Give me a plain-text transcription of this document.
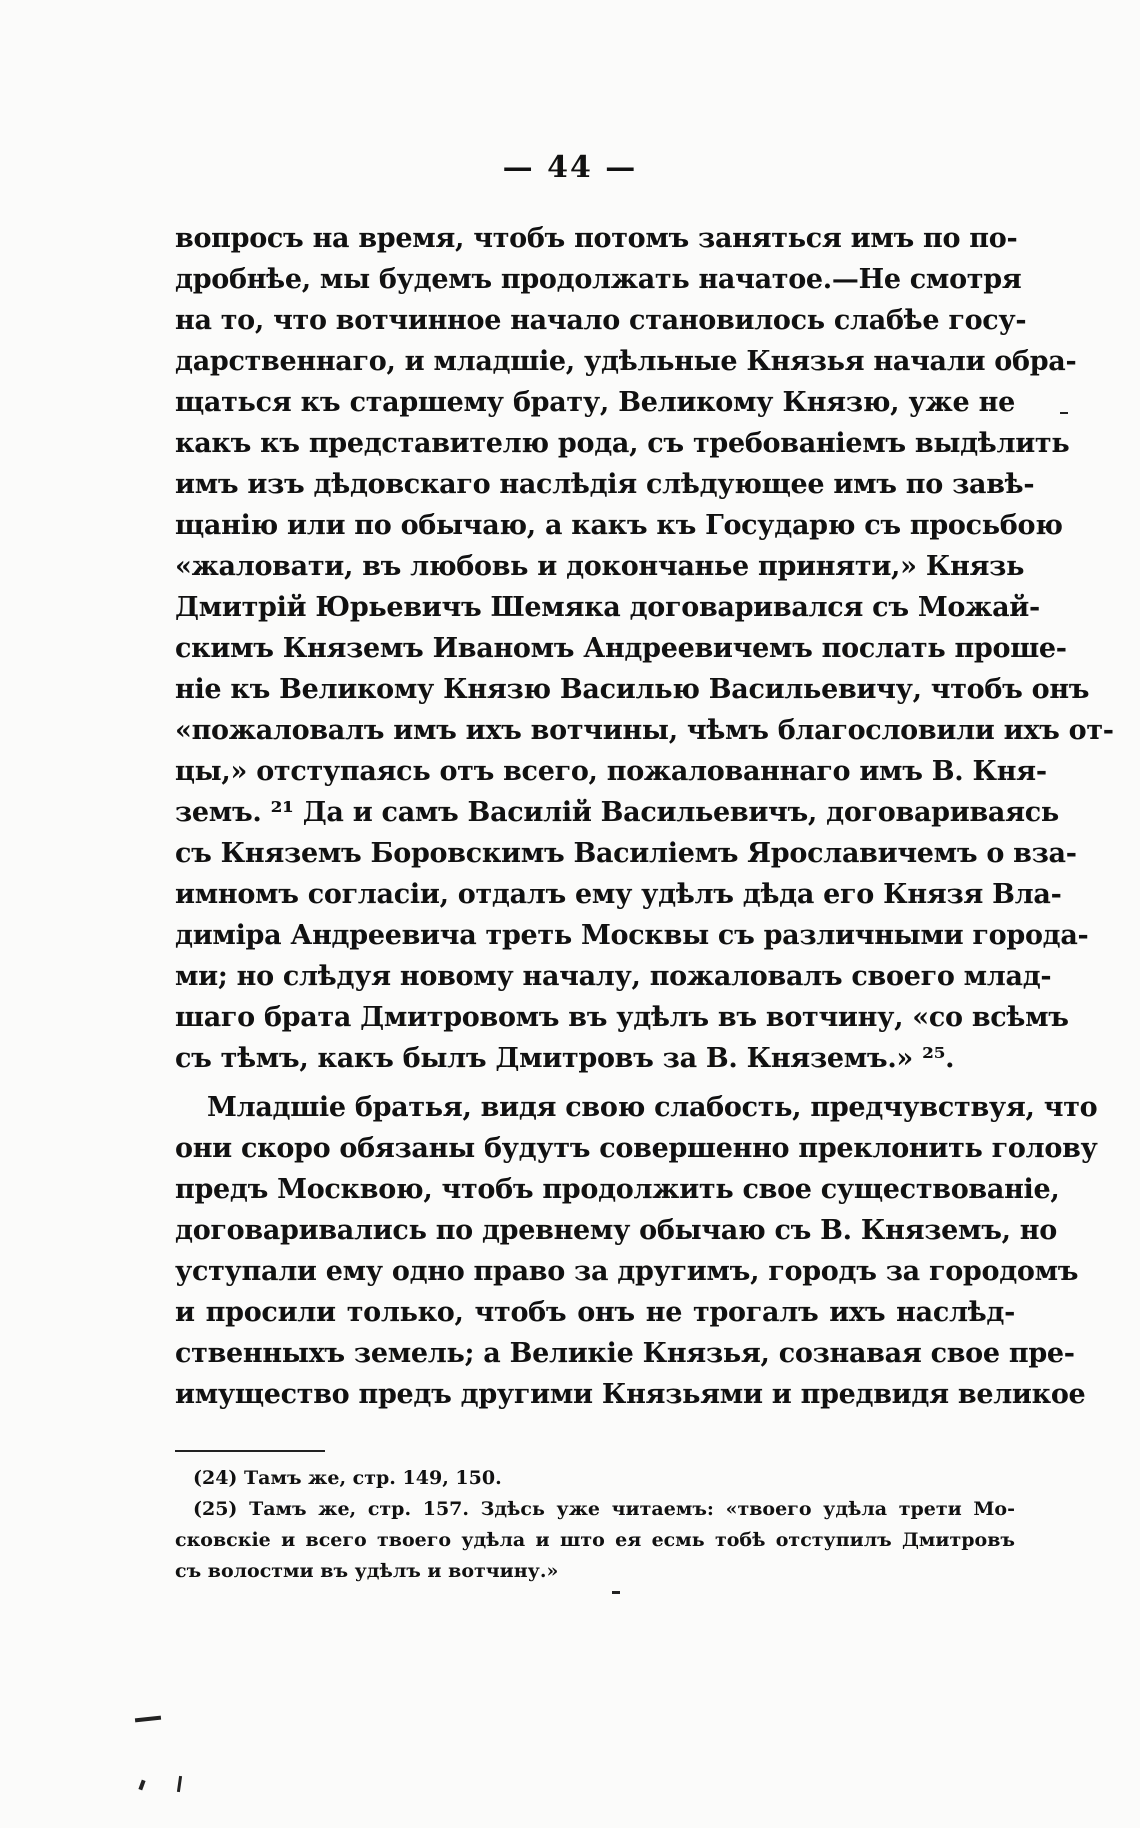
— 44 —
вопросъ на время, чтобъ потомъ заняться имъ по по-
дробнѣе, мы будемъ продолжать начатое.—Не смотря
на то, что вотчинное начало становилось слабѣе госу-
дарственнаго, и младшіе, удѣльные Князья начали обра-
щаться къ старшему брату, Великому Князю, уже не
какъ къ представителю рода, съ требованіемъ выдѣлить
имъ изъ дѣдовскаго наслѣдія слѣдующее имъ по завѣ-
щанію или по обычаю, а какъ къ Государю съ просьбою
«жаловати, въ любовь и докончанье приняти,» Князь
Дмитрій Юрьевичъ Шемяка договаривался съ Можай-
скимъ Княземъ Иваномъ Андреевичемъ послать проше-
ніе къ Великому Князю Василью Васильевичу, чтобъ онъ
«пожаловалъ имъ ихъ вотчины, чѣмъ благословили ихъ от-
цы,» отступаясь отъ всего, пожалованнаго имъ В. Кня-
земъ. ²¹ Да и самъ Василій Васильевичъ, договариваясь
съ Княземъ Боровскимъ Василіемъ Ярославичемъ о вза-
имномъ согласіи, отдалъ ему удѣлъ дѣда его Князя Вла-
диміра Андреевича треть Москвы съ различными города-
ми; но слѣдуя новому началу, пожаловалъ своего млад-
шаго брата Дмитровомъ въ удѣлъ въ вотчину, «со всѣмъ
съ тѣмъ, какъ былъ Дмитровъ за В. Княземъ.» ²⁵.
Младшіе братья, видя свою слабость, предчувствуя, что
они скоро обязаны будутъ совершенно преклонить голову
предъ Москвою, чтобъ продолжить свое существованіе,
договаривались по древнему обычаю съ В. Княземъ, но
уступали ему одно право за другимъ, городъ за городомъ
и просили только, чтобъ онъ не трогалъ ихъ наслѣд-
ственныхъ земель; а Великіе Князья, сознавая свое пре-
имущество предъ другими Князьями и предвидя великое
(24) Тамъ же, стр. 149, 150.
(25) Тамъ же, стр. 157. Здѣсь уже читаемъ: «твоего удѣла трети Мо-
сковскіе и всего твоего удѣла и што ея есмь тобѣ отступилъ Дмитровъ
съ волостми въ удѣлъ и вотчину.»
